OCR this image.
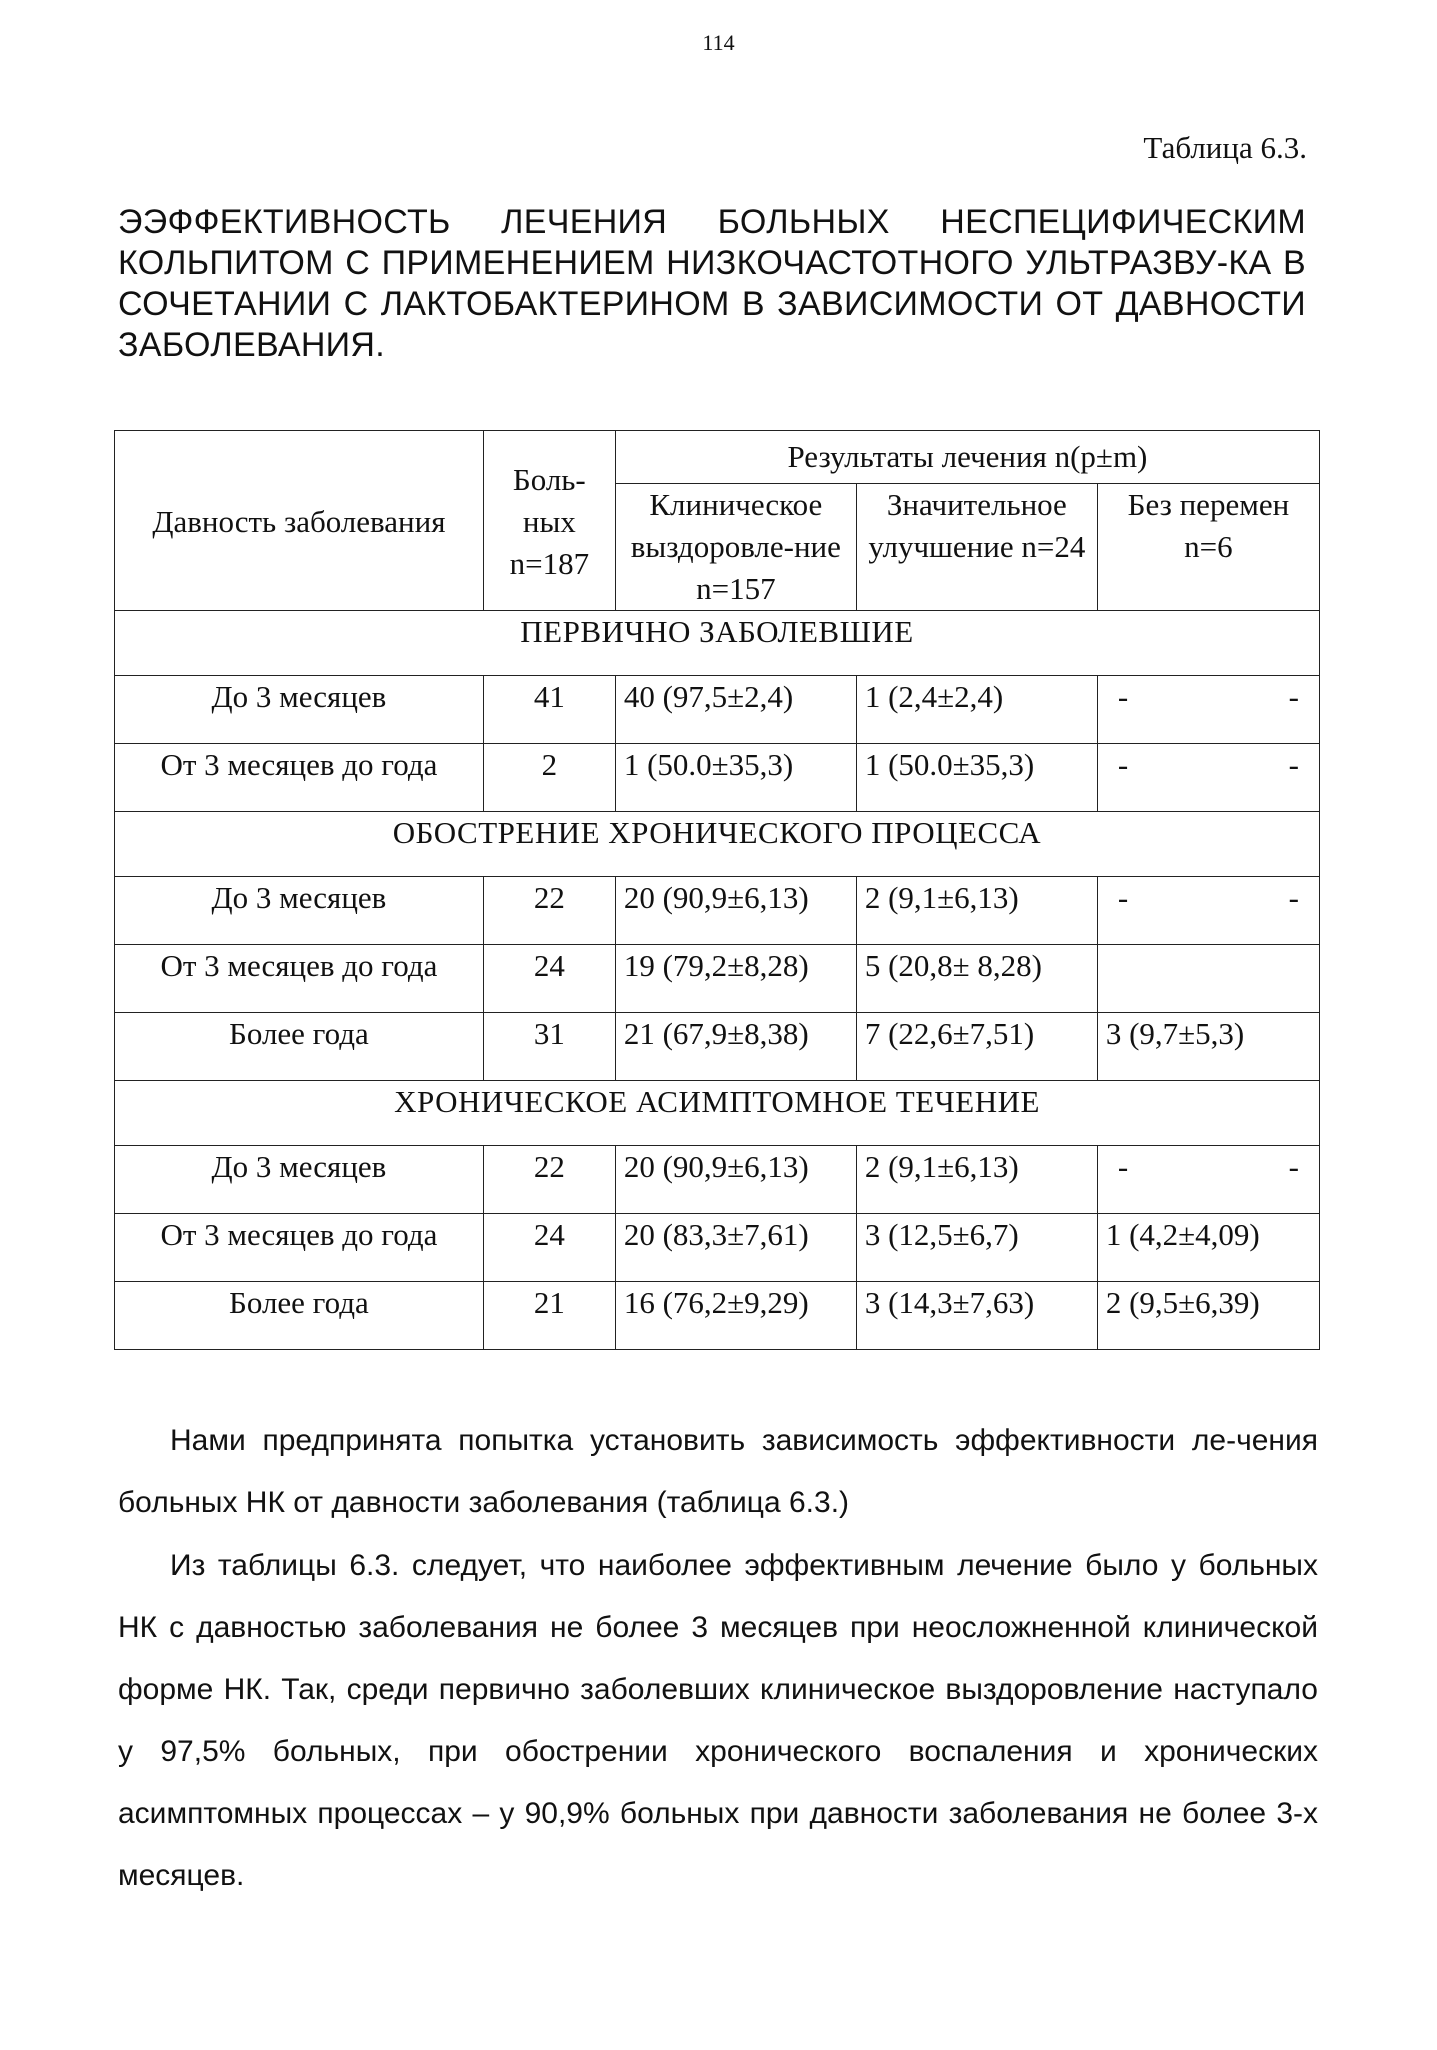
114
Таблица 6.3.
ЭЭФФЕКТИВНОСТЬ ЛЕЧЕНИЯ БОЛЬНЫХ НЕСПЕЦИФИЧЕСКИМ КОЛЬПИТОМ С ПРИМЕНЕНИЕМ НИЗКОЧАСТОТНОГО УЛЬТРАЗВУ-КА В СОЧЕТАНИИ С ЛАКТОБАКТЕРИНОМ В ЗАВИСИМОСТИ ОТ ДАВНОСТИ ЗАБОЛЕВАНИЯ.
Давность заболевания	Боль-ных n=187	Результаты лечения n(p±m)		
		Клиническое выздоровле-ние n=157	Значительное улучшение n=24	Без перемен n=6
ПЕРВИЧНО ЗАБОЛЕВШИЕ				
До 3 месяцев	41	40 (97,5±2,4)	1 (2,4±2,4)	- -

От 3 месяцев до года	2	1 (50.0±35,3)	1 (50.0±35,3)	- -

ОБОСТРЕНИЕ ХРОНИЧЕСКОГО ПРОЦЕССА				
До 3 месяцев	22	20 (90,9±6,13)	2 (9,1±6,13)	- -

От 3 месяцев до года	24	19 (79,2±8,28)	5 (20,8± 8,28)	
Более года	31	21 (67,9±8,38)	7 (22,6±7,51)	3 (9,7±5,3)
ХРОНИЧЕСКОЕ АСИМПТОМНОЕ ТЕЧЕНИЕ				
До 3 месяцев	22	20 (90,9±6,13)	2 (9,1±6,13)	- -

От 3 месяцев до года	24	20 (83,3±7,61)	3 (12,5±6,7)	1 (4,2±4,09)
Более года	21	16 (76,2±9,29)	3 (14,3±7,63)	2 (9,5±6,39)

Нами предпринята попытка установить зависимость эффективности ле-чения больных НК от давности заболевания (таблица 6.3.)

Из таблицы 6.3. следует, что наиболее эффективным лечение было у больных НК с давностью заболевания не более 3 месяцев при неосложненной клинической форме НК. Так, среди первично заболевших клиническое выздоровление наступало у 97,5% больных, при обострении хронического воспаления и хронических асимптомных процессах – у 90,9% больных при давности заболевания не более 3-х месяцев.
